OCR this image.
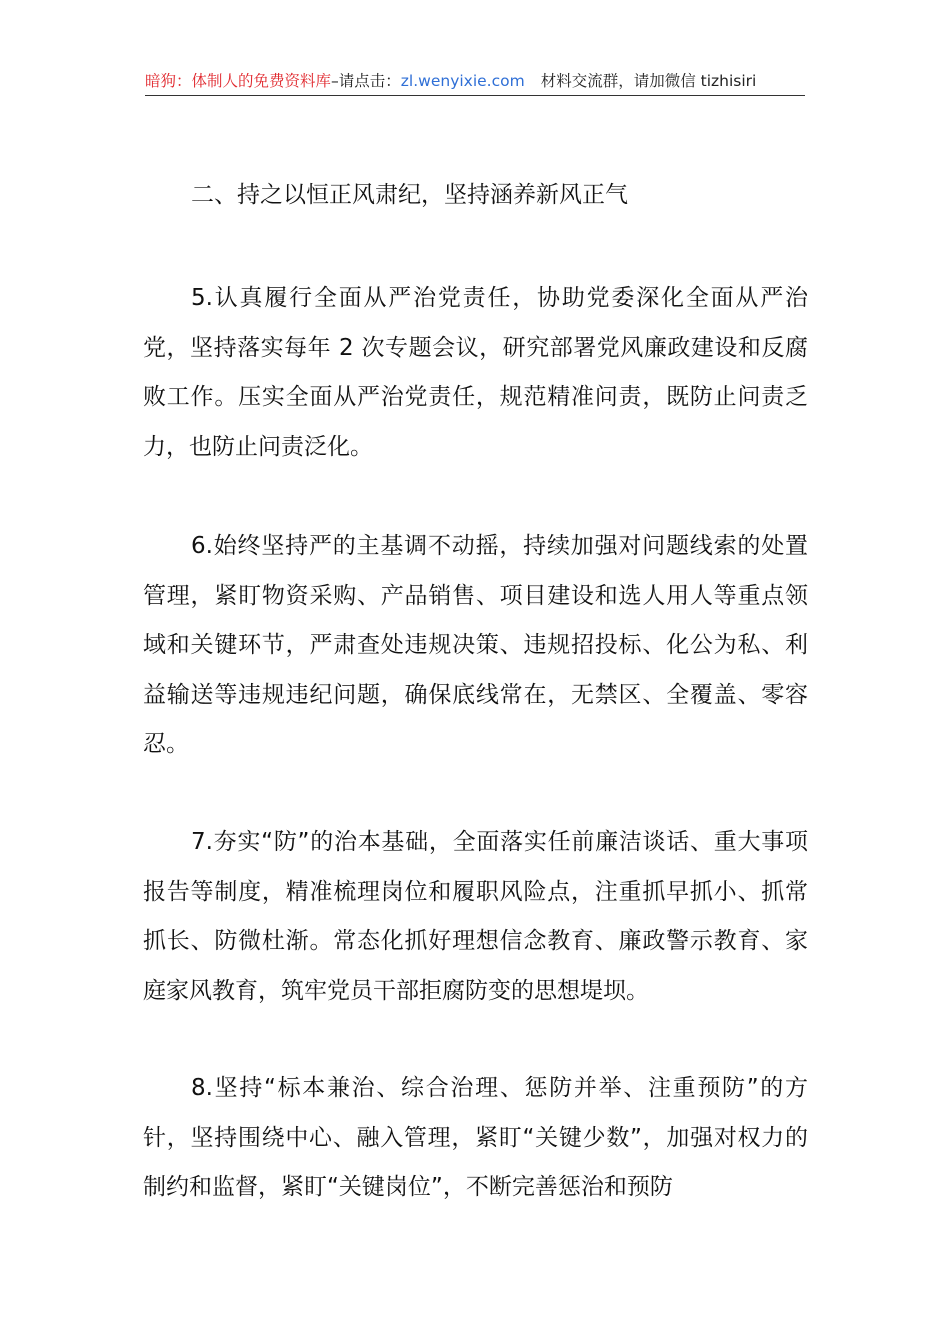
暗狗：体制人的免费资料库–请点击：zl.wenyixie.com 材料交流群，请加微信 tizhisiri
二、持之以恒正风肃纪，坚持涵养新风正气

5.认真履行全面从严治党责任，协助党委深化全面从严治党，坚持落实每年 2 次专题会议，研究部署党风廉政建设和反腐败工作。压实全面从严治党责任，规范精准问责，既防止问责乏力，也防止问责泛化。

6.始终坚持严的主基调不动摇，持续加强对问题线索的处置管理，紧盯物资采购、产品销售、项目建设和选人用人等重点领域和关键环节，严肃查处违规决策、违规招投标、化公为私、利益输送等违规违纪问题，确保底线常在，无禁区、全覆盖、零容忍。

7.夯实“防”的治本基础，全面落实任前廉洁谈话、重大事项报告等制度，精准梳理岗位和履职风险点，注重抓早抓小、抓常抓长、防微杜渐。常态化抓好理想信念教育、廉政警示教育、家庭家风教育，筑牢党员干部拒腐防变的思想堤坝。

8.坚持“标本兼治、综合治理、惩防并举、注重预防”的方针，坚持围绕中心、融入管理，紧盯“关键少数”，加强对权力的制约和监督，紧盯“关键岗位”，不断完善惩治和预防
